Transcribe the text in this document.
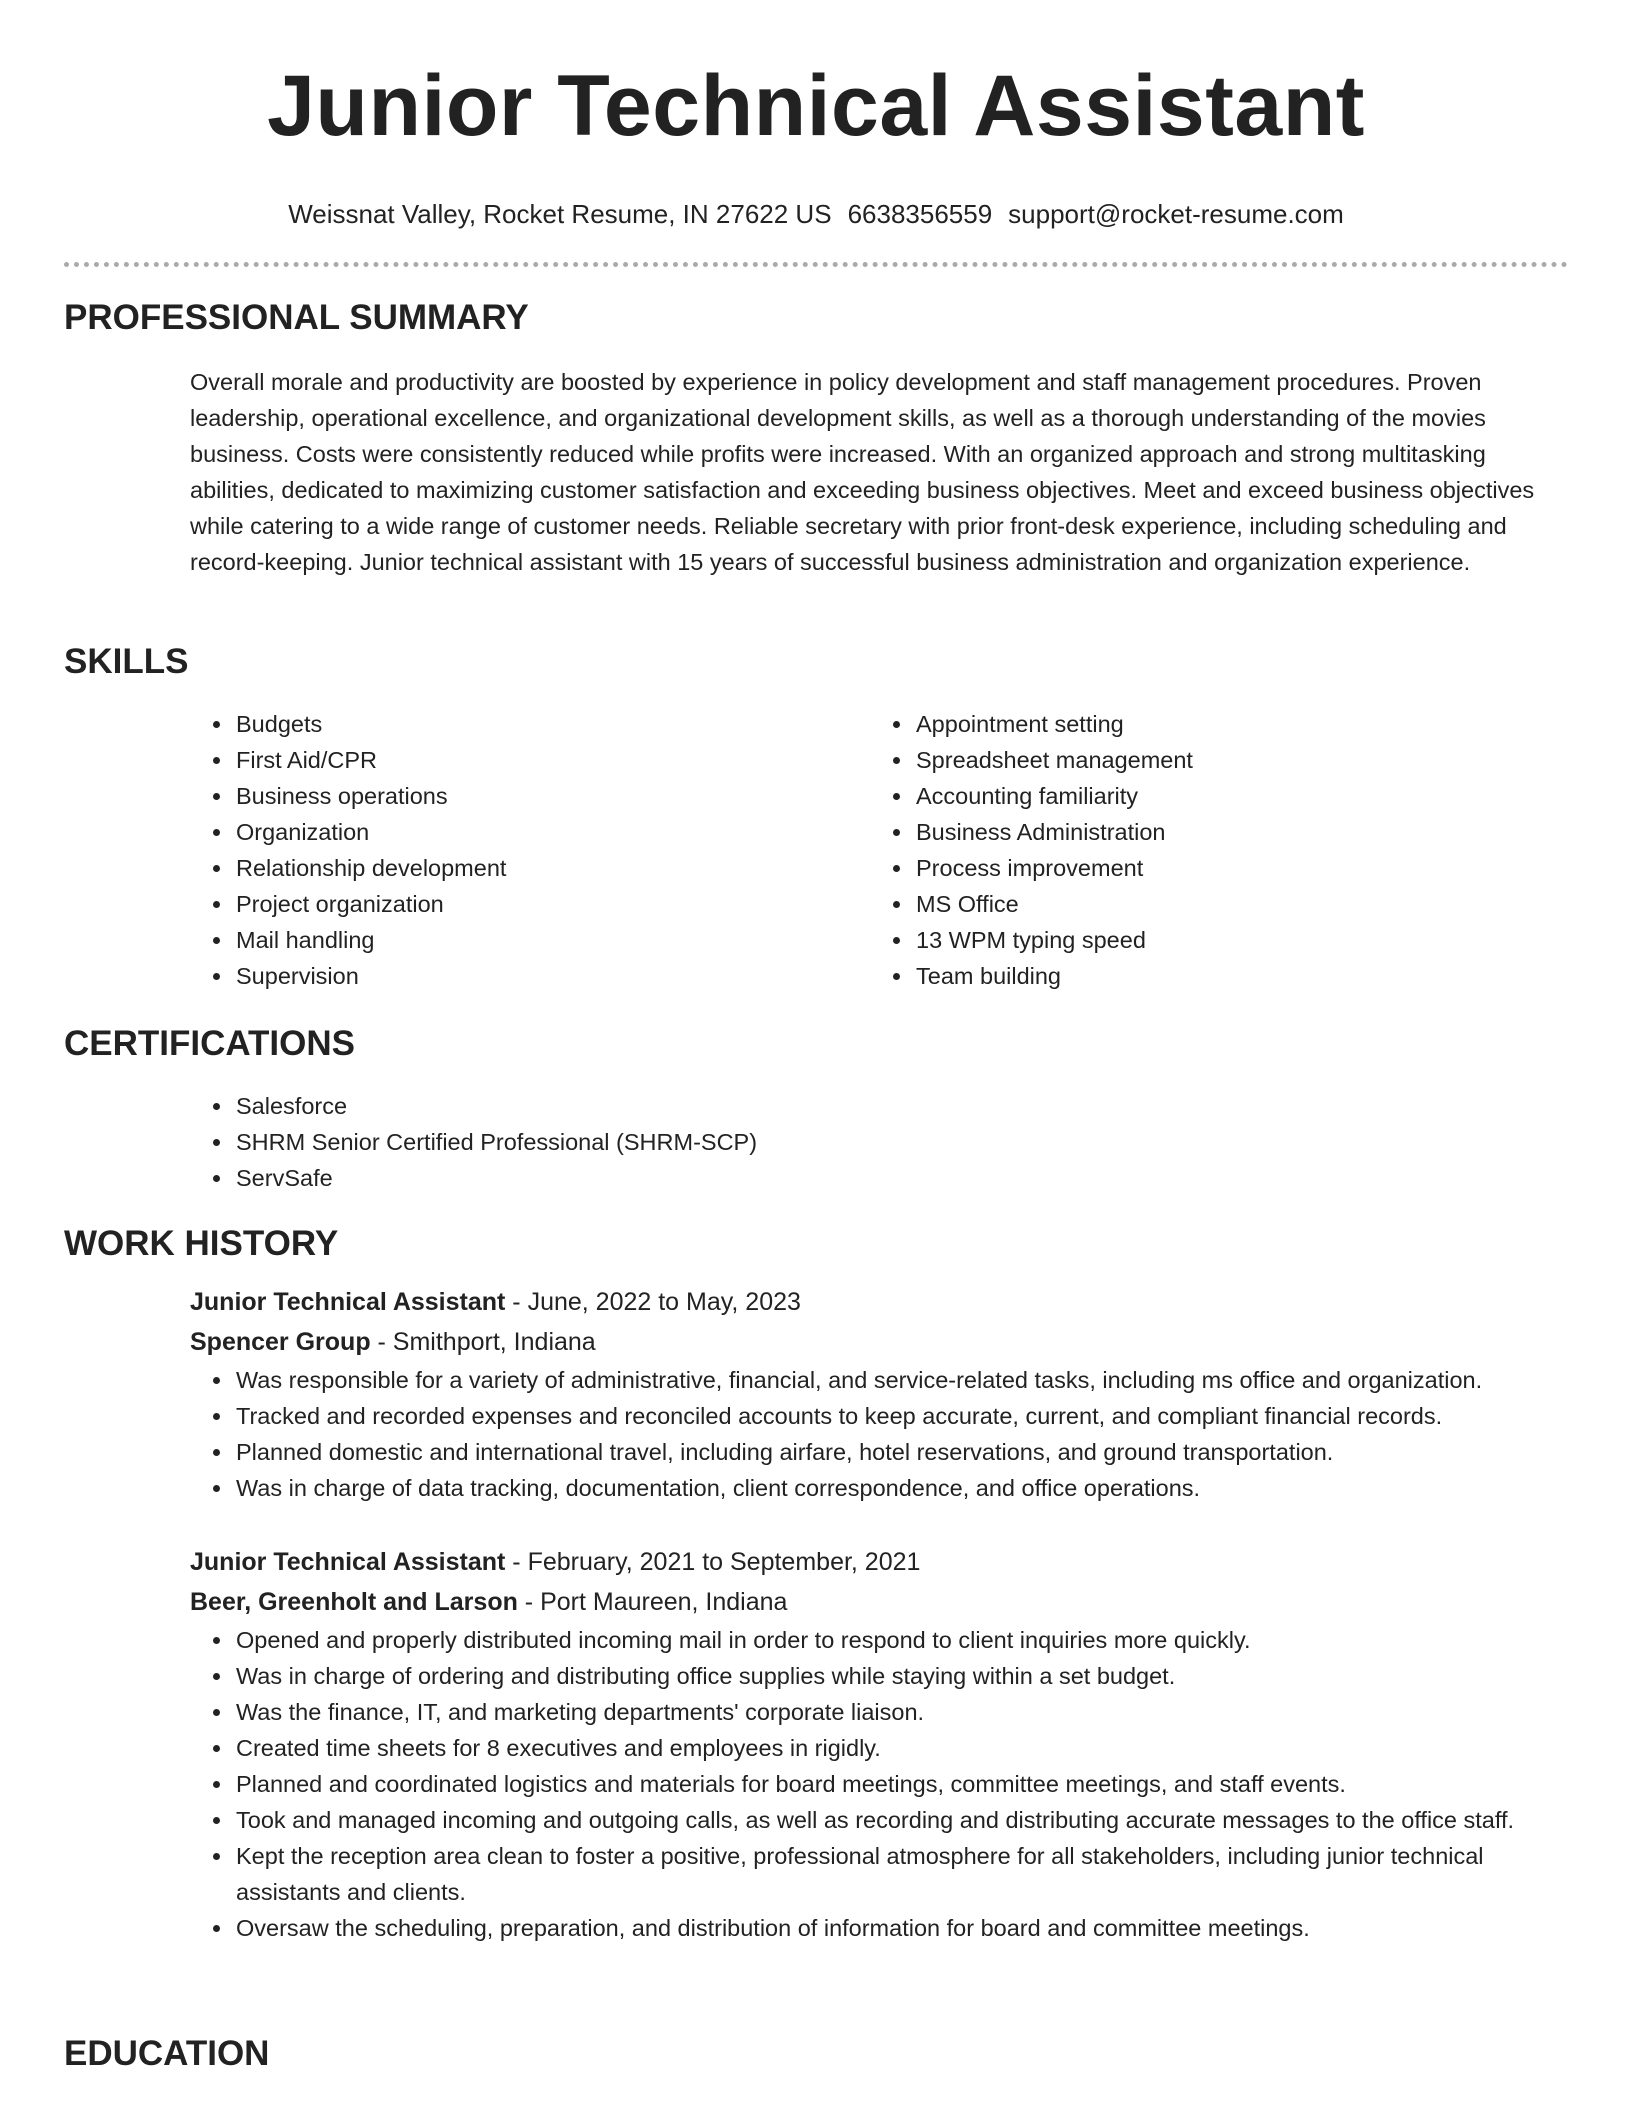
Junior Technical Assistant
Weissnat Valley, Rocket Resume, IN 27622 US 6638356559 support@rocket-resume.com
PROFESSIONAL SUMMARY
Overall morale and productivity are boosted by experience in policy development and staff management procedures. Proven leadership, operational excellence, and organizational development skills, as well as a thorough understanding of the movies business. Costs were consistently reduced while profits were increased. With an organized approach and strong multitasking abilities, dedicated to maximizing customer satisfaction and exceeding business objectives. Meet and exceed business objectives while catering to a wide range of customer needs. Reliable secretary with prior front-desk experience, including scheduling and record-keeping. Junior technical assistant with 15 years of successful business administration and organization experience.
SKILLS
• Budgets
• First Aid/CPR
• Business operations
• Organization
• Relationship development
• Project organization
• Mail handling
• Supervision
• Appointment setting
• Spreadsheet management
• Accounting familiarity
• Business Administration
• Process improvement
• MS Office
• 13 WPM typing speed
• Team building
CERTIFICATIONS
• Salesforce
• SHRM Senior Certified Professional (SHRM-SCP)
• ServSafe
WORK HISTORY
Junior Technical Assistant - June, 2022 to May, 2023
Spencer Group - Smithport, Indiana
• Was responsible for a variety of administrative, financial, and service-related tasks, including ms office and organization.
• Tracked and recorded expenses and reconciled accounts to keep accurate, current, and compliant financial records.
• Planned domestic and international travel, including airfare, hotel reservations, and ground transportation.
• Was in charge of data tracking, documentation, client correspondence, and office operations.
Junior Technical Assistant - February, 2021 to September, 2021
Beer, Greenholt and Larson - Port Maureen, Indiana
• Opened and properly distributed incoming mail in order to respond to client inquiries more quickly.
• Was in charge of ordering and distributing office supplies while staying within a set budget.
• Was the finance, IT, and marketing departments' corporate liaison.
• Created time sheets for 8 executives and employees in rigidly.
• Planned and coordinated logistics and materials for board meetings, committee meetings, and staff events.
• Took and managed incoming and outgoing calls, as well as recording and distributing accurate messages to the office staff.
• Kept the reception area clean to foster a positive, professional atmosphere for all stakeholders, including junior technical assistants and clients.
• Oversaw the scheduling, preparation, and distribution of information for board and committee meetings.
EDUCATION
